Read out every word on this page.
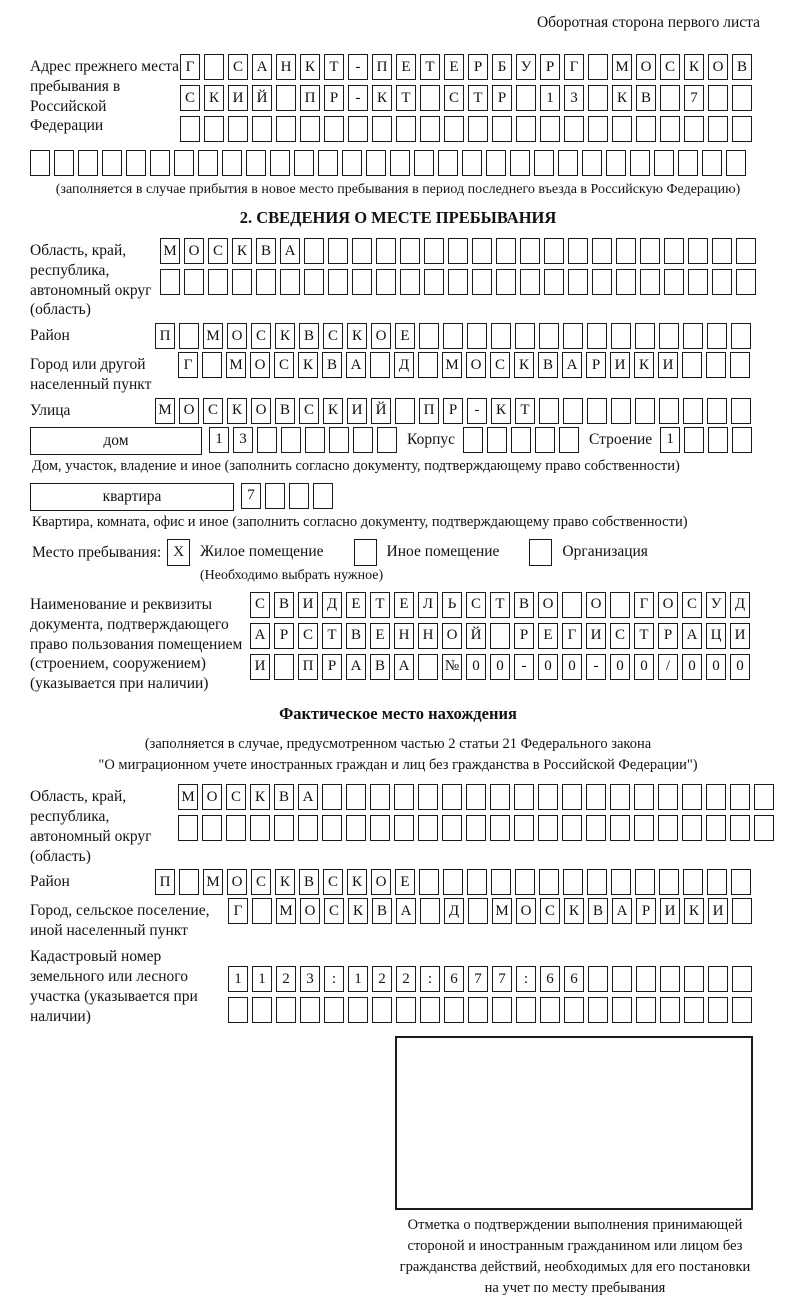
Оборотная сторона первого листа
Адрес прежнего места пребывания в Российской Федерации
Г	С А Н К Т	-	П Е Т Е	Р	Б У Р	Г	М О С К О В
С К И Й	П Р	-	К Т	С Т	Р	1	3	К В	7
(заполняется в случае прибытия в новое место пребывания в период последнего въезда в Российскую Федерацию)
2. СВЕДЕНИЯ О МЕСТЕ ПРЕБЫВАНИЯ
Область, край, республика, автономный округ (область)
М О С К В А
Район	П	М О С К В С К О Е
Город или другой населенный пункт
Г	М О С К В А	Д	М О С К В А Р И К И
Улица	М О С К О В С К И Й	П Р	-	К Т
дом	1	3	Корпус	Строение 1
Дом, участок, владение и иное (заполнить согласно документу, подтверждающему право собственности)
квартира	7
Квартира, комната, офис и иное (заполнить согласно документу, подтверждающему право собственности)
Место пребывания: X	Жилое помещение	Иное помещение	Организация
(Необходимо выбрать нужное)
Наименование и реквизиты документа, подтверждающего право пользования помещением (строением, сооружением) (указывается при наличии)
С В И Д Е Т Е Л Ь С Т В О	О	Г О С У Д
А Р С Т В Е Н Н О Й	Р	Е	Г И С Т	Р А Ц И
И	П Р А В А	№ 0	0	-	0	0	-	0	0	/	0	0	0
Фактическое место нахождения
(заполняется в случае, предусмотренном частью 2 статьи 21 Федерального закона
"О миграционном учете иностранных граждан и лиц без гражданства в Российской Федерации")
Область, край, республика, автономный округ (область)
М О С К В А
Район	П	М О С К В С К О Е
Город, сельское поселение, иной населенный пункт
Г	М О С К В А	Д	М О С К В А Р И К И
Кадастровый номер земельного или лесного участка (указывается при наличии)
1	1	2	3	:	1	2	2	:	6	7	7	:	6	6
Отметка о подтверждении выполнения принимающей стороной и иностранным гражданином или лицом без гражданства действий, необходимых для его постановки на учет по месту пребывания
